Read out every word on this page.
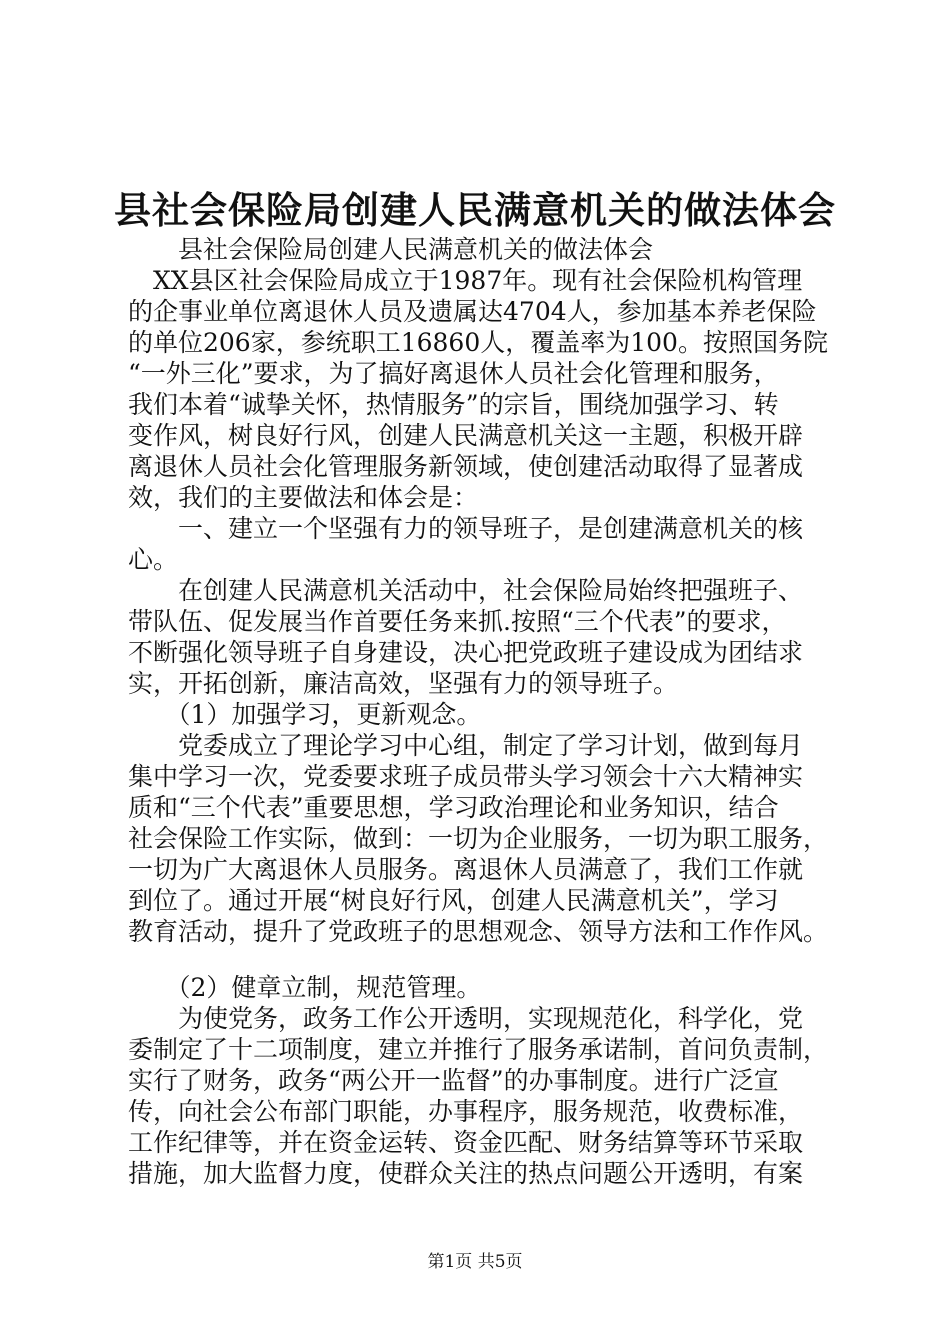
县社会保险局创建人民满意机关的做法体会
　　县社会保险局创建人民满意机关的做法体会
　XX县区社会保险局成立于1987年。现有社会保险机构管理
的企事业单位离退休人员及遗属达4704人，参加基本养老保险
的单位206家，参统职工16860人，覆盖率为100。按照国务院
“一外三化”要求，为了搞好离退休人员社会化管理和服务，
我们本着“诚挚关怀，热情服务”的宗旨，围绕加强学习、转
变作风，树良好行风，创建人民满意机关这一主题，积极开辟
离退休人员社会化管理服务新领域，使创建活动取得了显著成
效，我们的主要做法和体会是：
　　一、建立一个坚强有力的领导班子，是创建满意机关的核
心。
　　在创建人民满意机关活动中，社会保险局始终把强班子、
带队伍、促发展当作首要任务来抓.按照“三个代表”的要求，
不断强化领导班子自身建设，决心把党政班子建设成为团结求
实，开拓创新，廉洁高效，坚强有力的领导班子。
　　（1）加强学习，更新观念。
　　党委成立了理论学习中心组，制定了学习计划，做到每月
集中学习一次，党委要求班子成员带头学习领会十六大精神实
质和“三个代表”重要思想，学习政治理论和业务知识，结合
社会保险工作实际，做到：一切为企业服务，一切为职工服务，
一切为广大离退休人员服务。离退休人员满意了，我们工作就
到位了。通过开展“树良好行风，创建人民满意机关”，学习
教育活动，提升了党政班子的思想观念、领导方法和工作作风。
　　（2）健章立制，规范管理。
　　为使党务，政务工作公开透明，实现规范化，科学化，党
委制定了十二项制度，建立并推行了服务承诺制，首问负责制，
实行了财务，政务“两公开一监督”的办事制度。进行广泛宣
传，向社会公布部门职能，办事程序，服务规范，收费标准，
工作纪律等，并在资金运转、资金匹配、财务结算等环节采取
措施，加大监督力度，使群众关注的热点问题公开透明，有案
第1页 共5页
